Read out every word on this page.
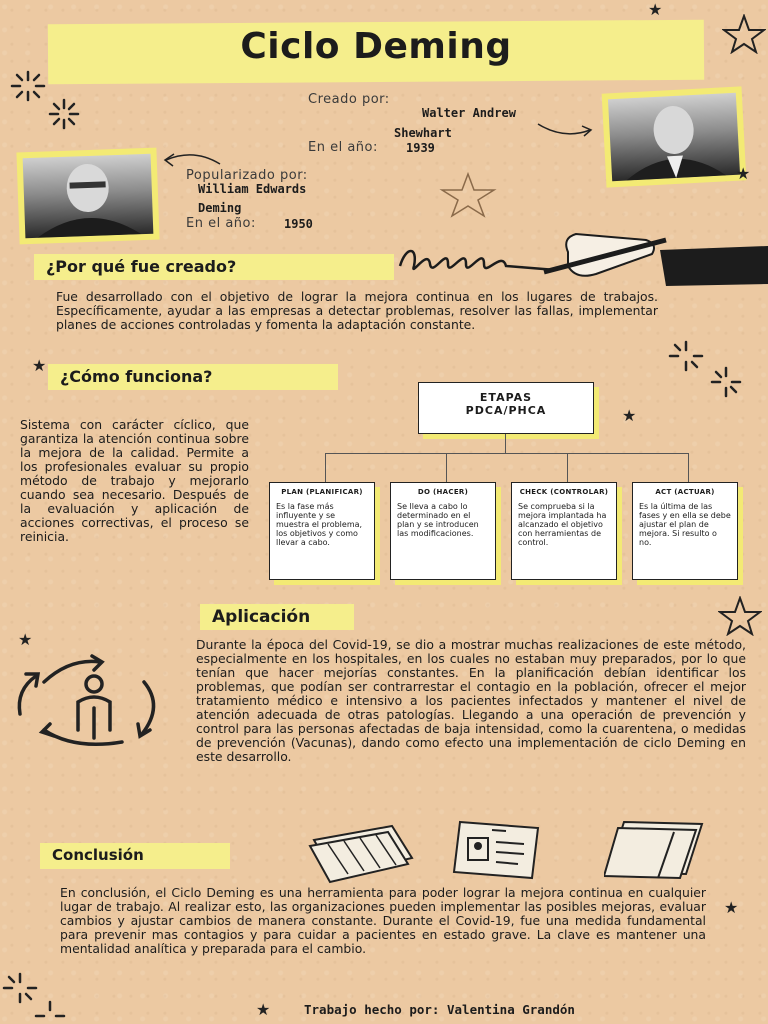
Ciclo Deming
★
Creado por:
Walter Andrew
Shewhart
En el año: 1939
★
Popularizado por:
William Edwards
Deming
En el año: 1950
¿Por qué fue creado?
Fue desarrollado con el objetivo de lograr la mejora continua en los lugares de trabajos. Específicamente, ayudar a las empresas a detectar problemas, resolver las fallas, implementar planes de acciones controladas y fomenta la adaptación constante.
★
¿Cómo funciona?
Sistema con carácter cíclico, que garantiza la atención continua sobre la mejora de la calidad. Permite a los profesionales evaluar su propio método de trabajo y mejorarlo cuando sea necesario. Después de la evaluación y aplicación de acciones correctivas, el proceso se reinicia.
ETAPAS
PDCA/PHCA	★
PLAN (PLANIFICAR)
Es la fase más influyente y se muestra el problema, los objetivos y como llevar a cabo.
DO (HACER)
Se lleva a cabo lo determinado en el plan y se introducen las modificaciones.
CHECK (CONTROLAR)
Se comprueba si la mejora implantada ha alcanzado el objetivo con herramientas de control.
ACT (ACTUAR)
Es la última de las fases y en ella se debe ajustar el plan de mejora. Si resulto o no.
Aplicación
★	Durante la época del Covid-19, se dio a mostrar muchas realizaciones de este método, especialmente en los hospitales, en los cuales no estaban muy preparados, por lo que tenían que hacer mejorías constantes. En la planificación debían identificar los problemas, que podían ser contrarrestar el contagio en la población, ofrecer el mejor tratamiento médico e intensivo a los pacientes infectados y mantener el nivel de atención adecuada de otras patologías. Llegando a una operación de prevención y control para las personas afectadas de baja intensidad, como la cuarentena, o medidas de prevención (Vacunas), dando como efecto una implementación de ciclo Deming en este desarrollo.
Conclusión
En conclusión, el Ciclo Deming es una herramienta para poder lograr la mejora continua en cualquier lugar de trabajo. Al realizar esto, las organizaciones pueden implementar las posibles mejoras, evaluar cambios y ajustar cambios de manera constante. Durante el Covid-19, fue una medida fundamental para prevenir mas contagios y para cuidar a pacientes en estado grave. La clave es mantener una mentalidad analítica y preparada para el cambio.
★
★	Trabajo hecho por: Valentina Grandón
